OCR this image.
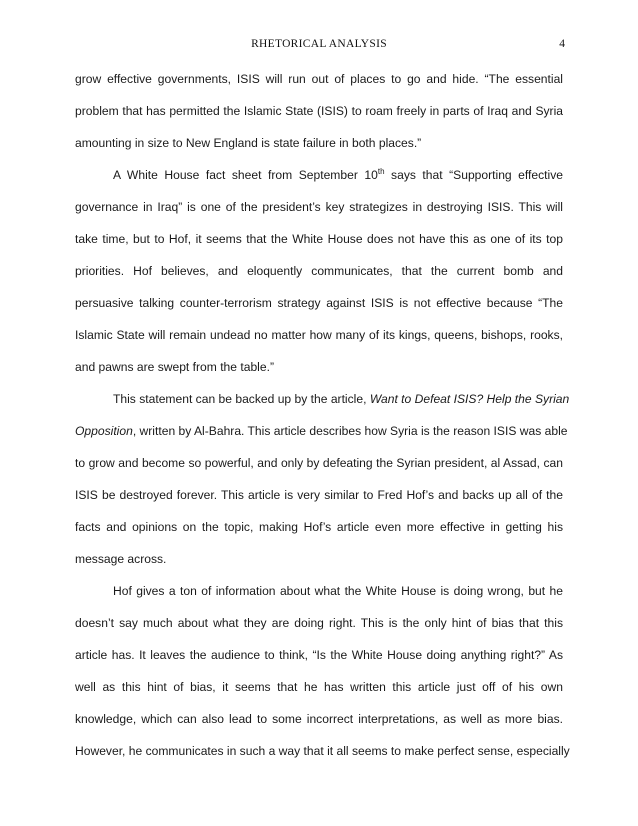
RHETORICAL ANALYSIS	4
grow effective governments, ISIS will run out of places to go and hide. “The essential
problem that has permitted the Islamic State (ISIS) to roam freely in parts of Iraq and Syria
amounting in size to New England is state failure in both places.”
A White House fact sheet from September 10th says that “Supporting effective
governance in Iraq” is one of the president’s key strategizes in destroying ISIS. This will
take time, but to Hof, it seems that the White House does not have this as one of its top
priorities. Hof believes, and eloquently communicates, that the current bomb and
persuasive talking counter-terrorism strategy against ISIS is not effective because “The
Islamic State will remain undead no matter how many of its kings, queens, bishops, rooks,
and pawns are swept from the table.”
This statement can be backed up by the article, Want to Defeat ISIS? Help the Syrian
Opposition, written by Al-Bahra. This article describes how Syria is the reason ISIS was able
to grow and become so powerful, and only by defeating the Syrian president, al Assad, can
ISIS be destroyed forever. This article is very similar to Fred Hof’s and backs up all of the
facts and opinions on the topic, making Hof’s article even more effective in getting his
message across.
Hof gives a ton of information about what the White House is doing wrong, but he
doesn’t say much about what they are doing right. This is the only hint of bias that this
article has. It leaves the audience to think, “Is the White House doing anything right?” As
well as this hint of bias, it seems that he has written this article just off of his own
knowledge, which can also lead to some incorrect interpretations, as well as more bias.
However, he communicates in such a way that it all seems to make perfect sense, especially
